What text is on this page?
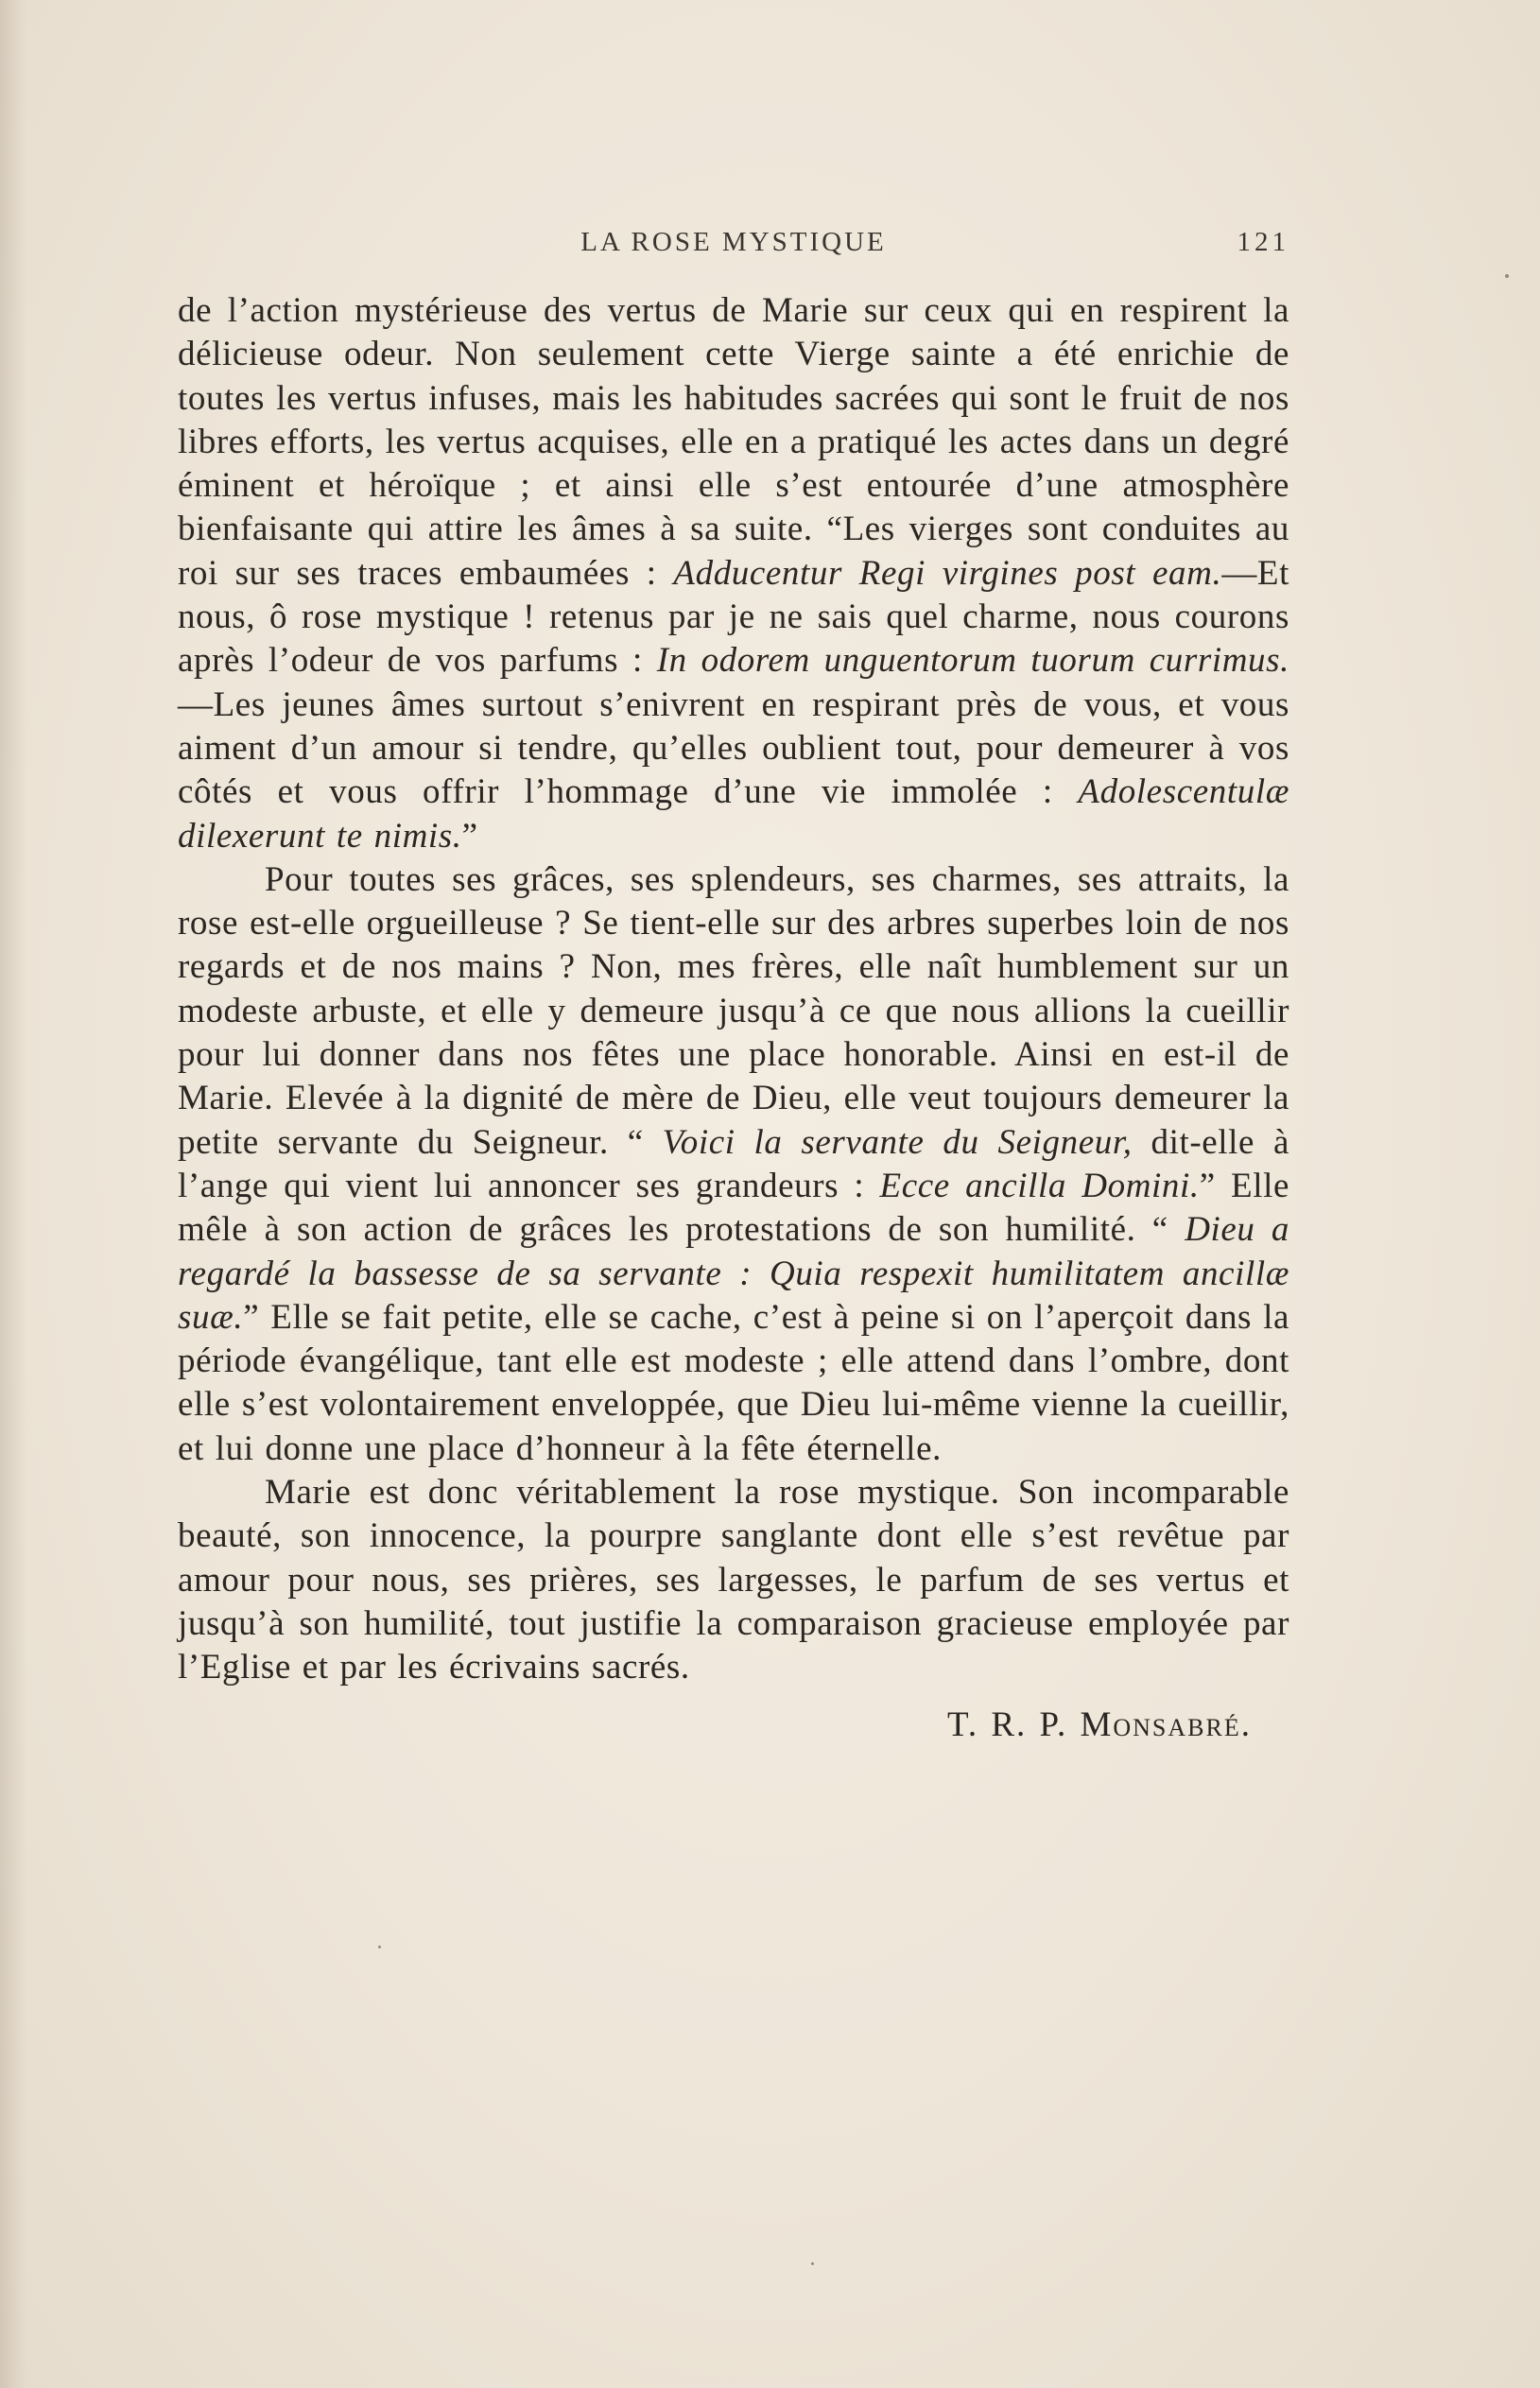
LA ROSE MYSTIQUE	121

de l’action mystérieuse des vertus de Marie sur ceux qui en respirent la délicieuse odeur. Non seulement cette Vierge sainte a été enrichie de toutes les vertus infuses, mais les habitudes sacrées qui sont le fruit de nos libres efforts, les vertus acquises, elle en a pratiqué les actes dans un degré éminent et héroïque ; et ainsi elle s’est entourée d’une atmosphère bienfaisante qui attire les âmes à sa suite. “Les vierges sont conduites au roi sur ses traces embaumées : Adducentur Regi virgines post eam.—Et nous, ô rose mystique ! retenus par je ne sais quel charme, nous courons après l’odeur de vos parfums : In odorem unguentorum tuorum currimus.—Les jeunes âmes surtout s’enivrent en respirant près de vous, et vous aiment d’un amour si tendre, qu’elles oublient tout, pour demeurer à vos côtés et vous offrir l’hommage d’une vie immolée : Adolescentulæ dilexerunt te nimis.”

Pour toutes ses grâces, ses splendeurs, ses charmes, ses attraits, la rose est-elle orgueilleuse ? Se tient-elle sur des arbres superbes loin de nos regards et de nos mains ? Non, mes frères, elle naît humblement sur un modeste arbuste, et elle y demeure jusqu’à ce que nous allions la cueillir pour lui donner dans nos fêtes une place honorable. Ainsi en est-il de Marie. Elevée à la dignité de mère de Dieu, elle veut toujours demeurer la petite servante du Seigneur. “ Voici la servante du Seigneur, dit-elle à l’ange qui vient lui annoncer ses grandeurs : Ecce ancilla Domini.” Elle mêle à son action de grâces les protestations de son humilité. “ Dieu a regardé la bassesse de sa servante : Quia respexit humilitatem ancillæ suæ.” Elle se fait petite, elle se cache, c’est à peine si on l’aperçoit dans la période évangélique, tant elle est modeste ; elle attend dans l’ombre, dont elle s’est volontairement enveloppée, que Dieu lui-même vienne la cueillir, et lui donne une place d’honneur à la fête éternelle.

Marie est donc véritablement la rose mystique. Son incomparable beauté, son innocence, la pourpre sanglante dont elle s’est revêtue par amour pour nous, ses prières, ses largesses, le parfum de ses vertus et jusqu’à son humilité, tout justifie la comparaison gracieuse employée par l’Eglise et par les écrivains sacrés.

T. R. P. Monsabré.
